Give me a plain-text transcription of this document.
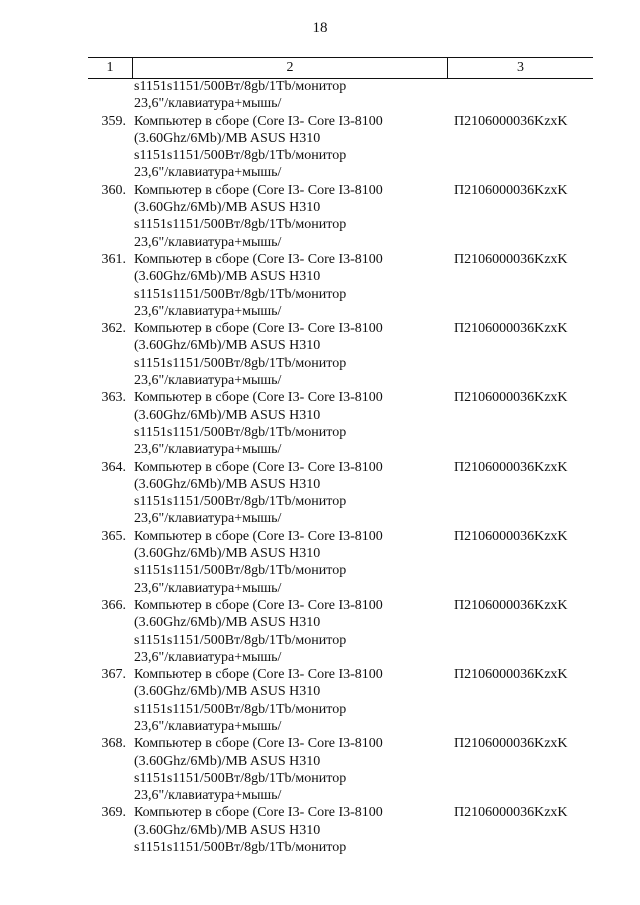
18
1	2	3
s1151s1151/500Вт/8gb/1Tb/монитор
23,6"/клавиатура+мышь/
359. Компьютер в сборе (Core I3- Core I3-8100
(3.60Ghz/6Mb)/MB ASUS H310
s1151s1151/500Вт/8gb/1Tb/монитор
23,6"/клавиатура+мышь/
П2106000036KzxK
360. Компьютер в сборе (Core I3- Core I3-8100
(3.60Ghz/6Mb)/MB ASUS H310
s1151s1151/500Вт/8gb/1Tb/монитор
23,6"/клавиатура+мышь/
П2106000036KzxK
361. Компьютер в сборе (Core I3- Core I3-8100
(3.60Ghz/6Mb)/MB ASUS H310
s1151s1151/500Вт/8gb/1Tb/монитор
23,6"/клавиатура+мышь/
П2106000036KzxK
362. Компьютер в сборе (Core I3- Core I3-8100
(3.60Ghz/6Mb)/MB ASUS H310
s1151s1151/500Вт/8gb/1Tb/монитор
23,6"/клавиатура+мышь/
П2106000036KzxK
363. Компьютер в сборе (Core I3- Core I3-8100
(3.60Ghz/6Mb)/MB ASUS H310
s1151s1151/500Вт/8gb/1Tb/монитор
23,6"/клавиатура+мышь/
П2106000036KzxK
364. Компьютер в сборе (Core I3- Core I3-8100
(3.60Ghz/6Mb)/MB ASUS H310
s1151s1151/500Вт/8gb/1Tb/монитор
23,6"/клавиатура+мышь/
П2106000036KzxK
365. Компьютер в сборе (Core I3- Core I3-8100
(3.60Ghz/6Mb)/MB ASUS H310
s1151s1151/500Вт/8gb/1Tb/монитор
23,6"/клавиатура+мышь/
П2106000036KzxK
366. Компьютер в сборе (Core I3- Core I3-8100
(3.60Ghz/6Mb)/MB ASUS H310
s1151s1151/500Вт/8gb/1Tb/монитор
23,6"/клавиатура+мышь/
П2106000036KzxK
367. Компьютер в сборе (Core I3- Core I3-8100
(3.60Ghz/6Mb)/MB ASUS H310
s1151s1151/500Вт/8gb/1Tb/монитор
23,6"/клавиатура+мышь/
П2106000036KzxK
368. Компьютер в сборе (Core I3- Core I3-8100
(3.60Ghz/6Mb)/MB ASUS H310
s1151s1151/500Вт/8gb/1Tb/монитор
23,6"/клавиатура+мышь/
П2106000036KzxK
369. Компьютер в сборе (Core I3- Core I3-8100
(3.60Ghz/6Mb)/MB ASUS H310
s1151s1151/500Вт/8gb/1Tb/монитор
П2106000036KzxK
